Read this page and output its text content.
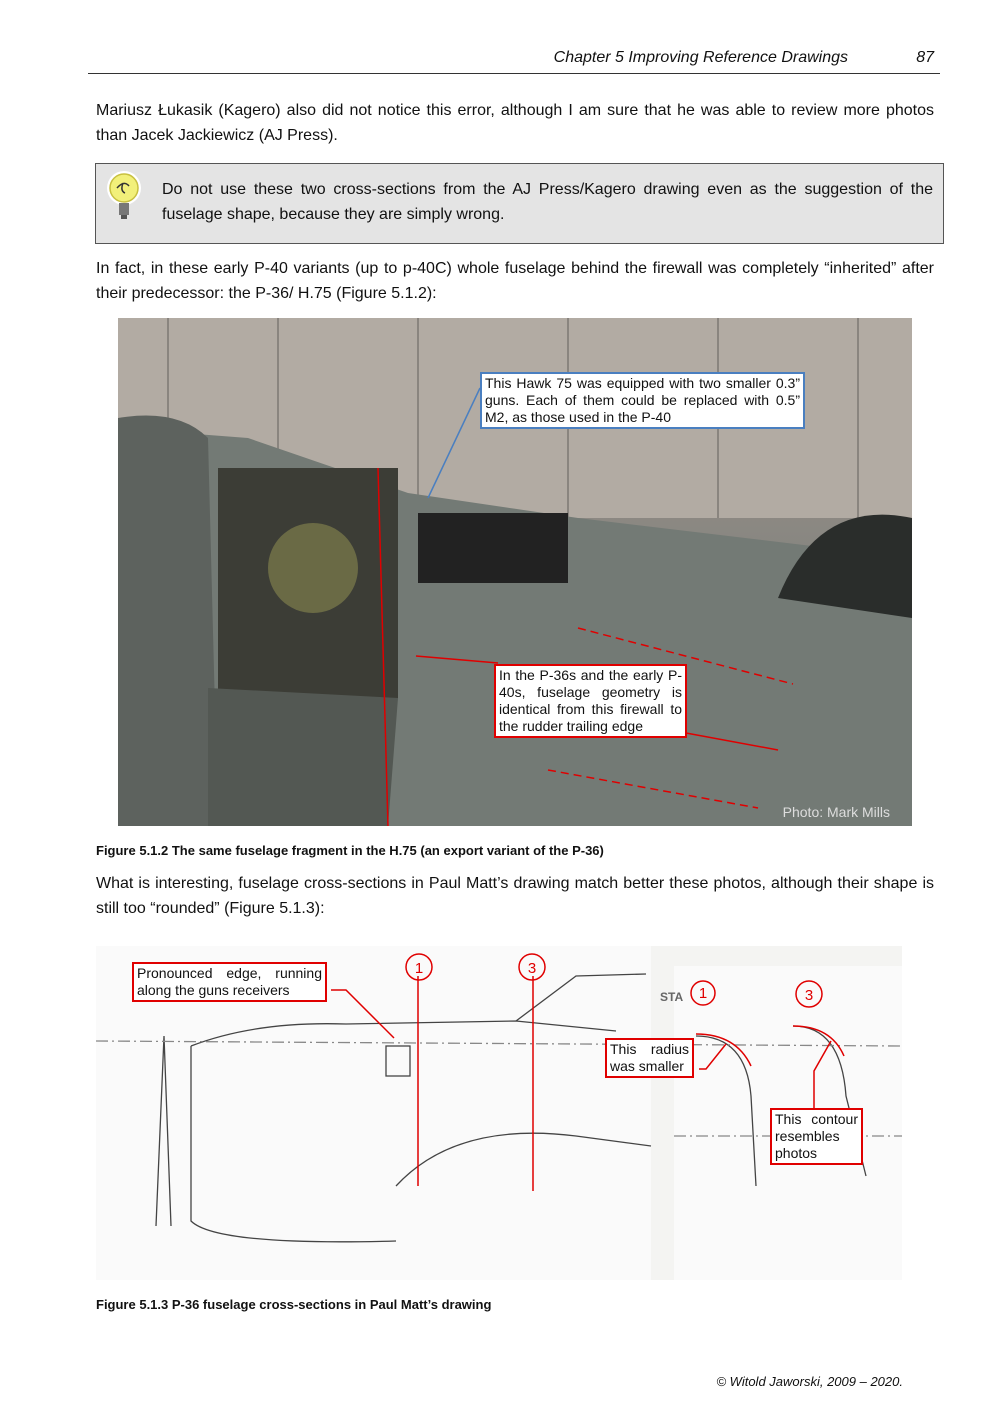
Chapter 5 Improving Reference Drawings	87

Mariusz Łukasik (Kagero) also did not notice this error, although I am sure that he was able to review more photos than Jacek Jackiewicz (AJ Press).

Do not use these two cross-sections from the AJ Press/Kagero drawing even as the suggestion of the fuselage shape, because they are simply wrong.

In fact, in these early P-40 variants (up to p-40C) whole fuselage behind the firewall was completely “inherited” after their predecessor: the P-36/ H.75 (Figure 5.1.2):

This Hawk 75 was equipped with two smaller 0.3” guns. Each of them could be replaced with 0.5” M2, as those used in the P-40
In the P-36s and the early P-40s, fuselage geometry is identical from this firewall to the rudder trailing edge
Photo: Mark Mills
Figure 5.1.2 The same fuselage fragment in the H.75 (an export variant of the P-36)

What is interesting, fuselage cross-sections in Paul Matt’s drawing match better these photos, although their shape is still too “rounded” (Figure 5.1.3):

1	3
1	3
STA
Pronounced edge, running along the guns receivers
This radius was smaller
This contour resembles photos
Figure 5.1.3 P-36 fuselage cross-sections in Paul Matt’s drawing
© Witold Jaworski, 2009 – 2020.
